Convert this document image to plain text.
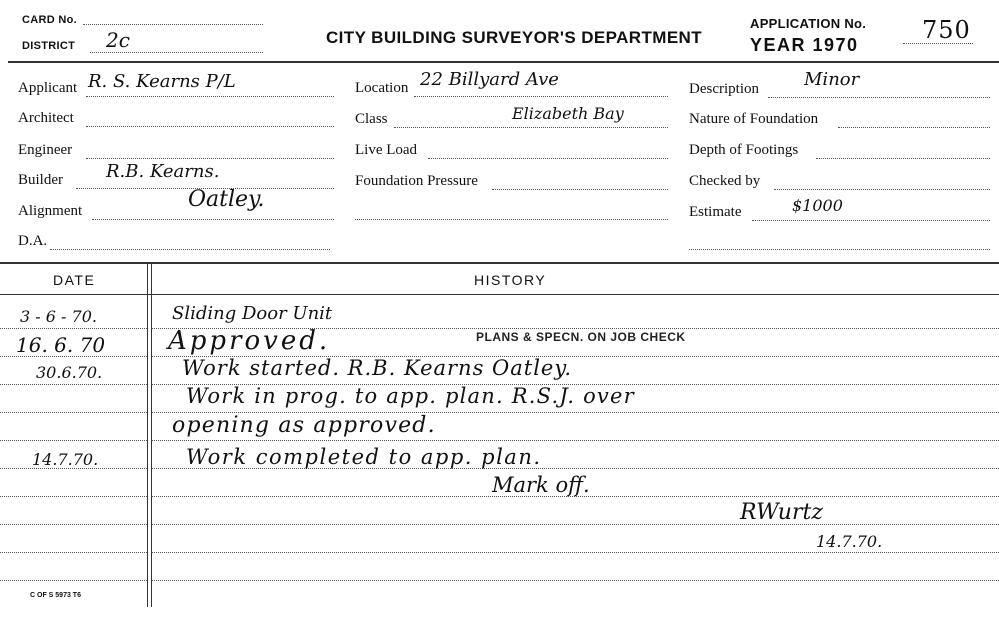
CARD No.
DISTRICT 2c	CITY BUILDING SURVEYOR'S DEPARTMENT
APPLICATION No.
YEAR 1970
750
Applicant R. S. Kearns P/L
Architect
Engineer
Builder R.B. Kearns.
Alignment	Oatley.
D.A.
Location 22 Billyard Ave
Class	Elizabeth Bay
Live Load
Foundation Pressure
Description	Minor
Nature of Foundation
Depth of Footings
Checked by
Estimate	$1000
DATE	HISTORY
3 - 6 - 70.	Sliding Door Unit
16. 6. 70 Approved.	PLANS & SPECN. ON JOB CHECK
30.6.70.	Work started. R.B. Kearns Oatley.
Work in prog. to app. plan. R.S.J. over
opening as approved.
14.7.70.	Work completed to app. plan.
Mark off.
RWurtz
14.7.70.
C OF S 5973 T6
